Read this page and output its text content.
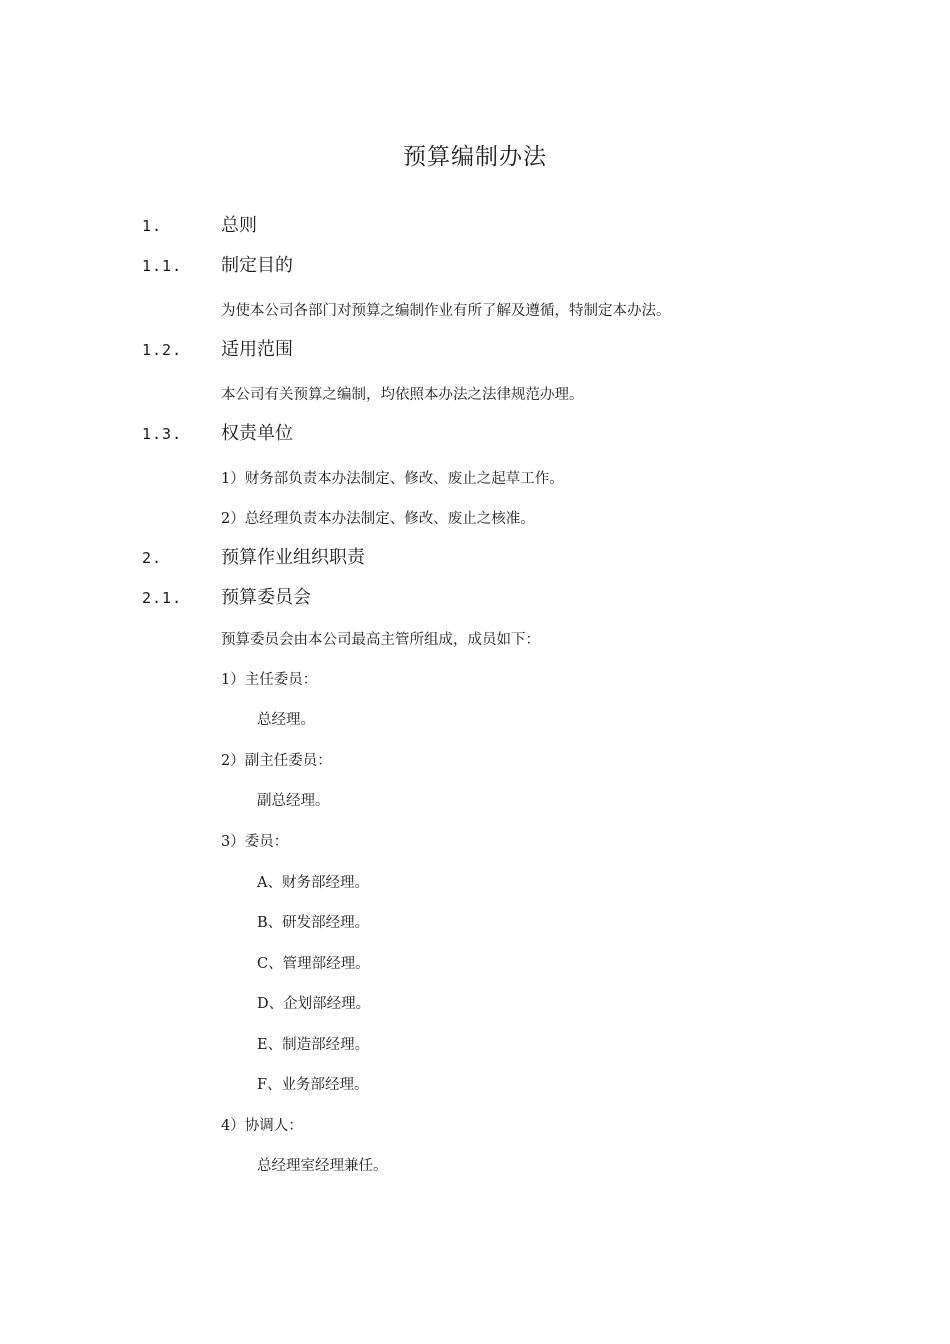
预算编制办法
1.	总则
1.1. 制定目的
为使本公司各部门对预算之编制作业有所了解及遵循，特制定本办法。
1.2. 适用范围
本公司有关预算之编制，均依照本办法之法律规范办理。
1.3. 权责单位
1）财务部负责本办法制定、修改、废止之起草工作。
2）总经理负责本办法制定、修改、废止之核准。
2.	预算作业组织职责
2.1. 预算委员会
预算委员会由本公司最高主管所组成，成员如下：
1）主任委员：
总经理。
2）副主任委员：
副总经理。
3）委员：
A、财务部经理。
B、研发部经理。
C、管理部经理。
D、企划部经理。
E、制造部经理。
F、业务部经理。
4）协调人：
总经理室经理兼任。
